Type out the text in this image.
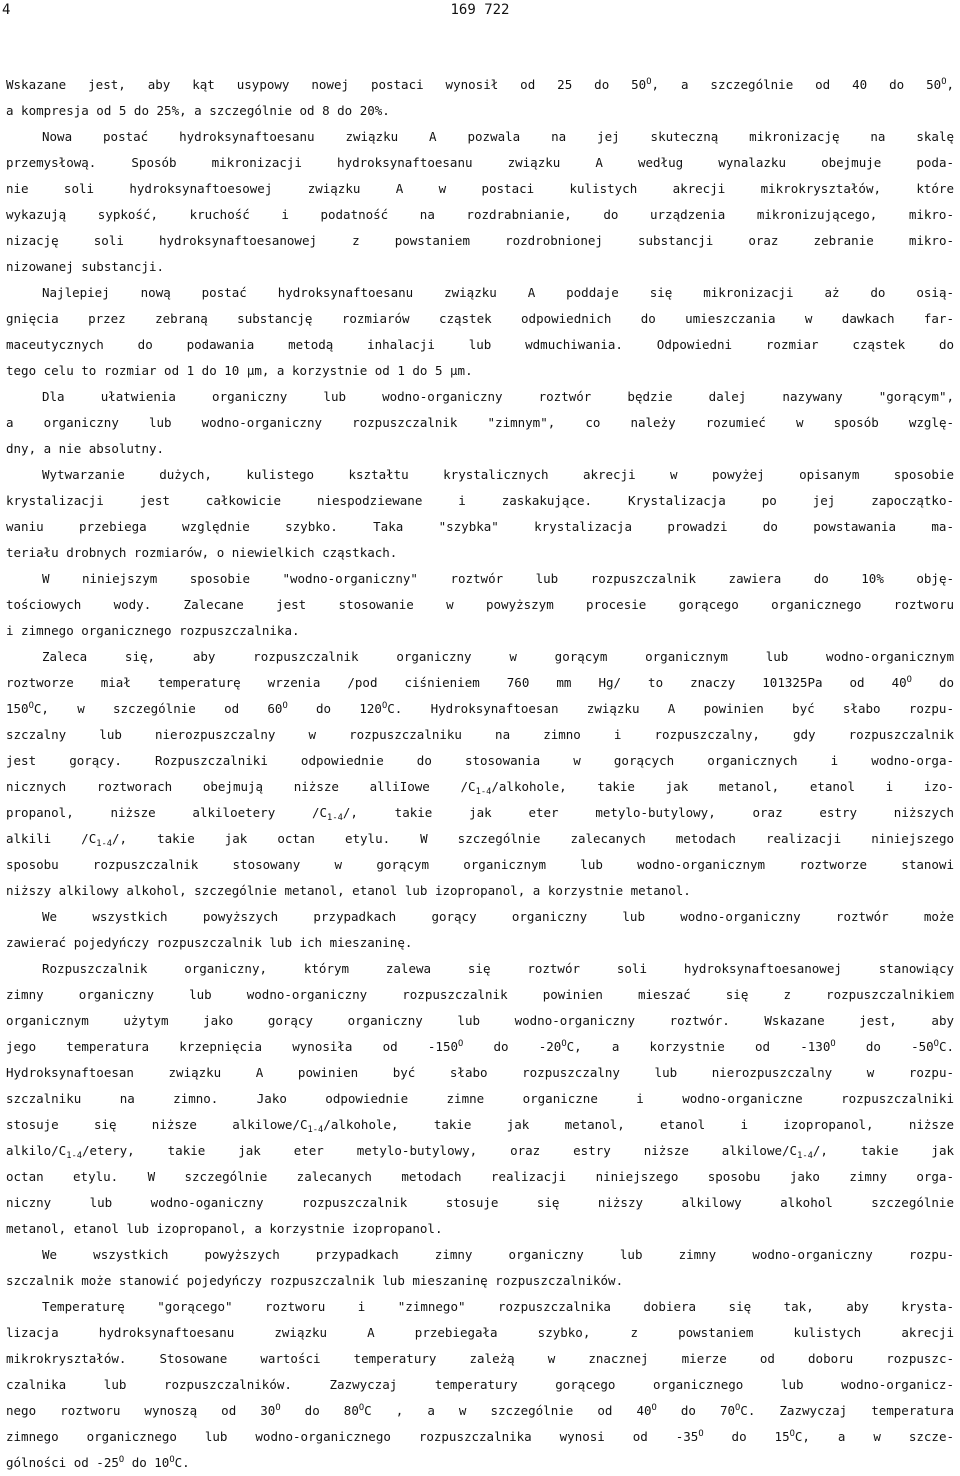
4	169 722
Wskazane jest, aby kąt usypowy nowej postaci wynosił od 25 do $50^O$, a szczególnie od 40 do $50^O$,
a kompresja od 5 do 25%, a szczególnie od 8 do 20%.
Nowa postać hydroksynaftoesanu związku A pozwala na jej skuteczną mikronizację na skalę
przemysłową. Sposób mikronizacji hydroksynaftoesanu związku A według wynalazku obejmuje poda-
nie soli hydroksynaftoesowej związku A w postaci kulistych akrecji mikrokryształów, które
wykazują sypkość, kruchość i podatność na rozdrabnianie, do urządzenia mikronizującego, mikro-
nizację soli hydroksynaftoesanowej z powstaniem rozdrobnionej substancji oraz zebranie mikro-
nizowanej substancji.
Najlepiej nową postać hydroksynaftoesanu związku A poddaje się mikronizacji aż do osią-
gnięcia przez zebraną substancję rozmiarów cząstek odpowiednich do umieszczania w dawkach far-
maceutycznych do podawania metodą inhalacji lub wdmuchiwania. Odpowiedni rozmiar cząstek do
tego celu to rozmiar od 1 do 10 µm, a korzystnie od 1 do 5 µm.
Dla ułatwienia organiczny lub wodno-organiczny roztwór będzie dalej nazywany "gorącym",
a organiczny lub wodno-organiczny rozpuszczalnik "zimnym", co należy rozumieć w sposób wzglę-
dny, a nie absolutny.
Wytwarzanie dużych, kulistego kształtu krystalicznych akrecji w powyżej opisanym sposobie
krystalizacji jest całkowicie niespodziewane i zaskakujące. Krystalizacja po jej zapoczątko-
waniu przebiega względnie szybko. Taka "szybka" krystalizacja prowadzi do powstawania ma-
teriału drobnych rozmiarów, o niewielkich cząstkach.
W niniejszym sposobie "wodno-organiczny" roztwór lub rozpuszczalnik zawiera do 10% obję-
tościowych wody. Zalecane jest stosowanie w powyższym procesie gorącego organicznego roztworu
i zimnego organicznego rozpuszczalnika.
Zaleca się, aby rozpuszczalnik organiczny w gorącym organicznym lub wodno-organicznym
roztworze miał temperaturę wrzenia /pod ciśnieniem 760 mm Hg/ to znaczy 101325Pa od $40^O$ do
$150^OC$, w szczególnie od $60^O$ do $120^OC$. Hydroksynaftoesan związku A powinien być słabo rozpu-
szczalny lub nierozpuszczalny w rozpuszczalniku na zimno i rozpuszczalny, gdy rozpuszczalnik
jest gorący. Rozpuszczalniki odpowiednie do stosowania w gorących organicznych i wodno-orga-
nicznych roztworach obejmują niższe alliIowe $/C_{1-4}$/alkohole, takie jak metanol, etanol i izo-
propanol, niższe alkiloetery $/C_{1-4}/$, takie jak eter metylo-butylowy, oraz estry niższych
alkili $/C_{1-4}/$, takie jak octan etylu. W szczególnie zalecanych metodach realizacji niniejszego
sposobu rozpuszczalnik stosowany w gorącym organicznym lub wodno-organicznym roztworze stanowi
niższy alkilowy alkohol, szczególnie metanol, etanol lub izopropanol, a korzystnie metanol.
We wszystkich powyższych przypadkach gorący organiczny lub wodno-organiczny roztwór może
zawierać pojedyńczy rozpuszczalnik lub ich mieszaninę.
Rozpuszczalnik organiczny, którym zalewa się roztwór soli hydroksynaftoesanowej stanowiący
zimny organiczny lub wodno-organiczny rozpuszczalnik powinien mieszać się z rozpuszczalnikiem
organicznym użytym jako gorący organiczny lub wodno-organiczny roztwór. Wskazane jest, aby
jego temperatura krzepnięcia wynosiła od $-150^O$ do $-20^OC$, a korzystnie od $-130^O$ do $-50^OC$.
Hydroksynaftoesan związku A powinien być słabo rozpuszczalny lub nierozpuszczalny w rozpu-
szczalniku na zimno. Jako odpowiednie zimne organiczne i wodno-organiczne rozpuszczalniki
stosuje się niższe alkilowe/$C_{1-4}$/alkohole, takie jak metanol, etanol i izopropanol, niższe
alkilo/$C_{1-4}$/etery, takie jak eter metylo-butylowy, oraz estry niższe alkilowe/$C_{1-4}/$, takie jak
octan etylu. W szczególnie zalecanych metodach realizacji niniejszego sposobu jako zimny orga-
niczny lub wodno-oganiczny rozpuszczalnik stosuje się niższy alkilowy alkohol szczególnie
metanol, etanol lub izopropanol, a korzystnie izopropanol.
We wszystkich powyższych przypadkach zimny organiczny lub zimny wodno-organiczny rozpu-
szczalnik może stanowić pojedyńczy rozpuszczalnik lub mieszaninę rozpuszczalników.
Temperaturę "gorącego" roztworu i "zimnego" rozpuszczalnika dobiera się tak, aby krysta-
lizacja hydroksynaftoesanu związku A przebiegała szybko, z powstaniem kulistych akrecji
mikrokryształów. Stosowane wartości temperatury zależą w znacznej mierze od doboru rozpuszc-
czalnika lub rozpuszczalników. Zazwyczaj temperatury gorącego organicznego lub wodno-organicz-
nego roztworu wynoszą od $30^O$ do $80^OC$ , a w szczególnie od $40^O$ do $70^OC$. Zazwyczaj temperatura
zimnego organicznego lub wodno-organicznego rozpuszczalnika wynosi od $-35^O$ do $15^OC$, a w szcze-
gólności od $-25^O$ do $10^OC$.
